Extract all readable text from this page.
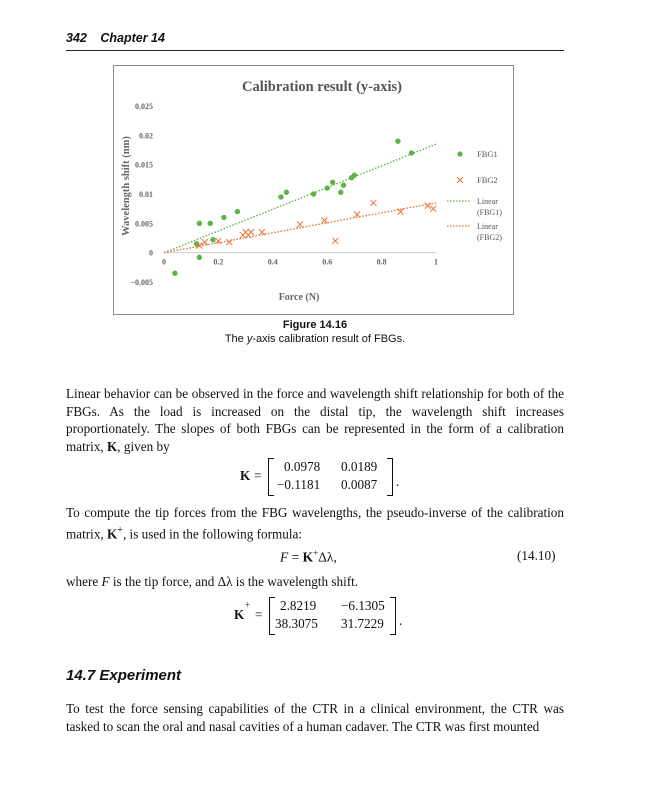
342 Chapter 14
Calibration result (y-axis)
0.025
0.02
0.015
0.01
0.005
0
−0.005
0	0.2	0.4	0.6	0.8	1
Wavelength shift (nm)
Force (N)
FBG1
FBG2
Linear
(FBG1)
Linear
(FBG2)
Figure 14.16
The y-axis calibration result of FBGs.
Linear behavior can be observed in the force and wavelength shift relationship for both of the FBGs. As the load is increased on the distal tip, the wavelength shift increases proportionately. The slopes of both FBGs can be represented in the form of a calibration matrix, K, given by
K =
0.0978 0.0189
−0.1181 0.0087 .
To compute the tip forces from the FBG wavelengths, the pseudo-inverse of the calibration matrix, K+, is used in the following formula:
F = K+Δλ,	(14.10)
where F is the tip force, and Δλ is the wavelength shift.
K
+
=
2.8219 −6.1305
38.3075 31.7229 .
14.7 Experiment
To test the force sensing capabilities of the CTR in a clinical environment, the CTR was tasked to scan the oral and nasal cavities of a human cadaver. The CTR was first mounted
